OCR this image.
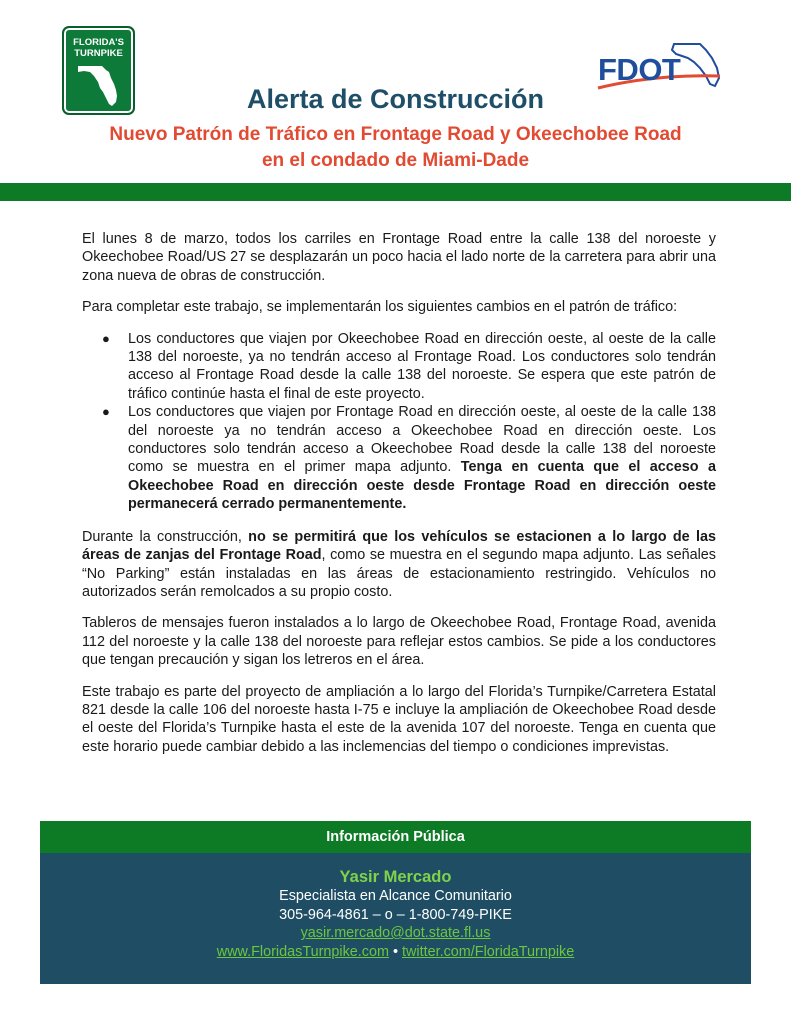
FLORIDA'S TURNPIKE	FDOT
Alerta de Construcción
Nuevo Patrón de Tráfico en Frontage Road y Okeechobee Road
en el condado de Miami-Dade

El lunes 8 de marzo, todos los carriles en Frontage Road entre la calle 138 del noroeste y Okeechobee Road/US 27 se desplazarán un poco hacia el lado norte de la carretera para abrir una zona nueva de obras de construcción.

Para completar este trabajo, se implementarán los siguientes cambios en el patrón de tráfico:

● Los conductores que viajen por Okeechobee Road en dirección oeste, al oeste de la calle 138 del noroeste, ya no tendrán acceso al Frontage Road. Los conductores solo tendrán acceso al Frontage Road desde la calle 138 del noroeste. Se espera que este patrón de tráfico continúe hasta el final de este proyecto.
● Los conductores que viajen por Frontage Road en dirección oeste, al oeste de la calle 138 del noroeste ya no tendrán acceso a Okeechobee Road en dirección oeste. Los conductores solo tendrán acceso a Okeechobee Road desde la calle 138 del noroeste como se muestra en el primer mapa adjunto. Tenga en cuenta que el acceso a Okeechobee Road en dirección oeste desde Frontage Road en dirección oeste permanecerá cerrado permanentemente.

Durante la construcción, no se permitirá que los vehículos se estacionen a lo largo de las áreas de zanjas del Frontage Road, como se muestra en el segundo mapa adjunto. Las señales “No Parking” están instaladas en las áreas de estacionamiento restringido. Vehículos no autorizados serán remolcados a su propio costo.

Tableros de mensajes fueron instalados a lo largo de Okeechobee Road, Frontage Road, avenida 112 del noroeste y la calle 138 del noroeste para reflejar estos cambios. Se pide a los conductores que tengan precaución y sigan los letreros en el área.

Este trabajo es parte del proyecto de ampliación a lo largo del Florida’s Turnpike/Carretera Estatal 821 desde la calle 106 del noroeste hasta I-75 e incluye la ampliación de Okeechobee Road desde el oeste del Florida’s Turnpike hasta el este de la avenida 107 del noroeste. Tenga en cuenta que este horario puede cambiar debido a las inclemencias del tiempo o condiciones imprevistas.

Información Pública
Yasir Mercado
Especialista en Alcance Comunitario
305-964-4861 – o – 1-800-749-PIKE
yasir.mercado@dot.state.fl.us
www.FloridasTurnpike.com • twitter.com/FloridaTurnpike
